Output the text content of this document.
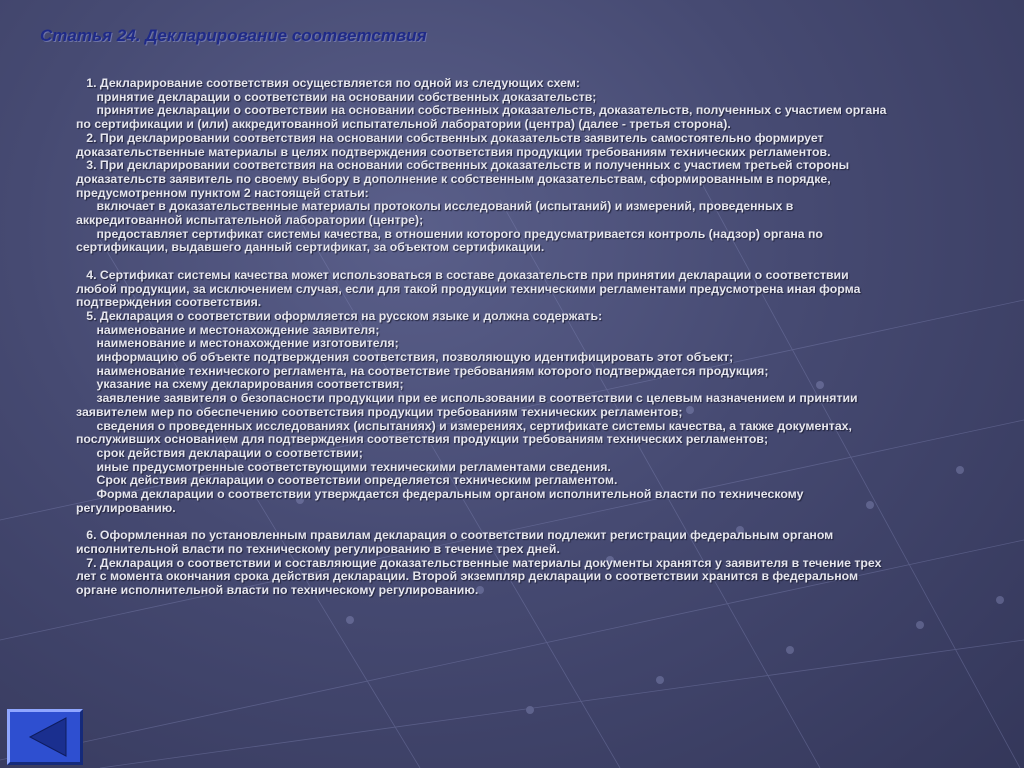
Статья 24. Декларирование соответствия
1. Декларирование соответствия осуществляется по одной из следующих схем:
принятие декларации о соответствии на основании собственных доказательств;
принятие декларации о соответствии на основании собственных доказательств, доказательств, полученных с участием органа
по сертификации и (или) аккредитованной испытательной лаборатории (центра) (далее - третья сторона).
2. При декларировании соответствия на основании собственных доказательств заявитель самостоятельно формирует
доказательственные материалы в целях подтверждения соответствия продукции требованиям технических регламентов.
3. При декларировании соответствия на основании собственных доказательств и полученных с участием третьей стороны
доказательств заявитель по своему выбору в дополнение к собственным доказательствам, сформированным в порядке,
предусмотренном пунктом 2 настоящей статьи:
включает в доказательственные материалы протоколы исследований (испытаний) и измерений, проведенных в
аккредитованной испытательной лаборатории (центре);
предоставляет сертификат системы качества, в отношении которого предусматривается контроль (надзор) органа по
сертификации, выдавшего данный сертификат, за объектом сертификации.
4. Сертификат системы качества может использоваться в составе доказательств при принятии декларации о соответствии
любой продукции, за исключением случая, если для такой продукции техническими регламентами предусмотрена иная форма
подтверждения соответствия.
5. Декларация о соответствии оформляется на русском языке и должна содержать:
наименование и местонахождение заявителя;
наименование и местонахождение изготовителя;
информацию об объекте подтверждения соответствия, позволяющую идентифицировать этот объект;
наименование технического регламента, на соответствие требованиям которого подтверждается продукция;
указание на схему декларирования соответствия;
заявление заявителя о безопасности продукции при ее использовании в соответствии с целевым назначением и принятии
заявителем мер по обеспечению соответствия продукции требованиям технических регламентов;
сведения о проведенных исследованиях (испытаниях) и измерениях, сертификате системы качества, а также документах,
послуживших основанием для подтверждения соответствия продукции требованиям технических регламентов;
срок действия декларации о соответствии;
иные предусмотренные соответствующими техническими регламентами сведения.
Срок действия декларации о соответствии определяется техническим регламентом.
Форма декларации о соответствии утверждается федеральным органом исполнительной власти по техническому
регулированию.
6. Оформленная по установленным правилам декларация о соответствии подлежит регистрации федеральным органом
исполнительной власти по техническому регулированию в течение трех дней.
7. Декларация о соответствии и составляющие доказательственные материалы документы хранятся у заявителя в течение трех
лет с момента окончания срока действия декларации. Второй экземпляр декларации о соответствии хранится в федеральном
органе исполнительной власти по техническому регулированию.
